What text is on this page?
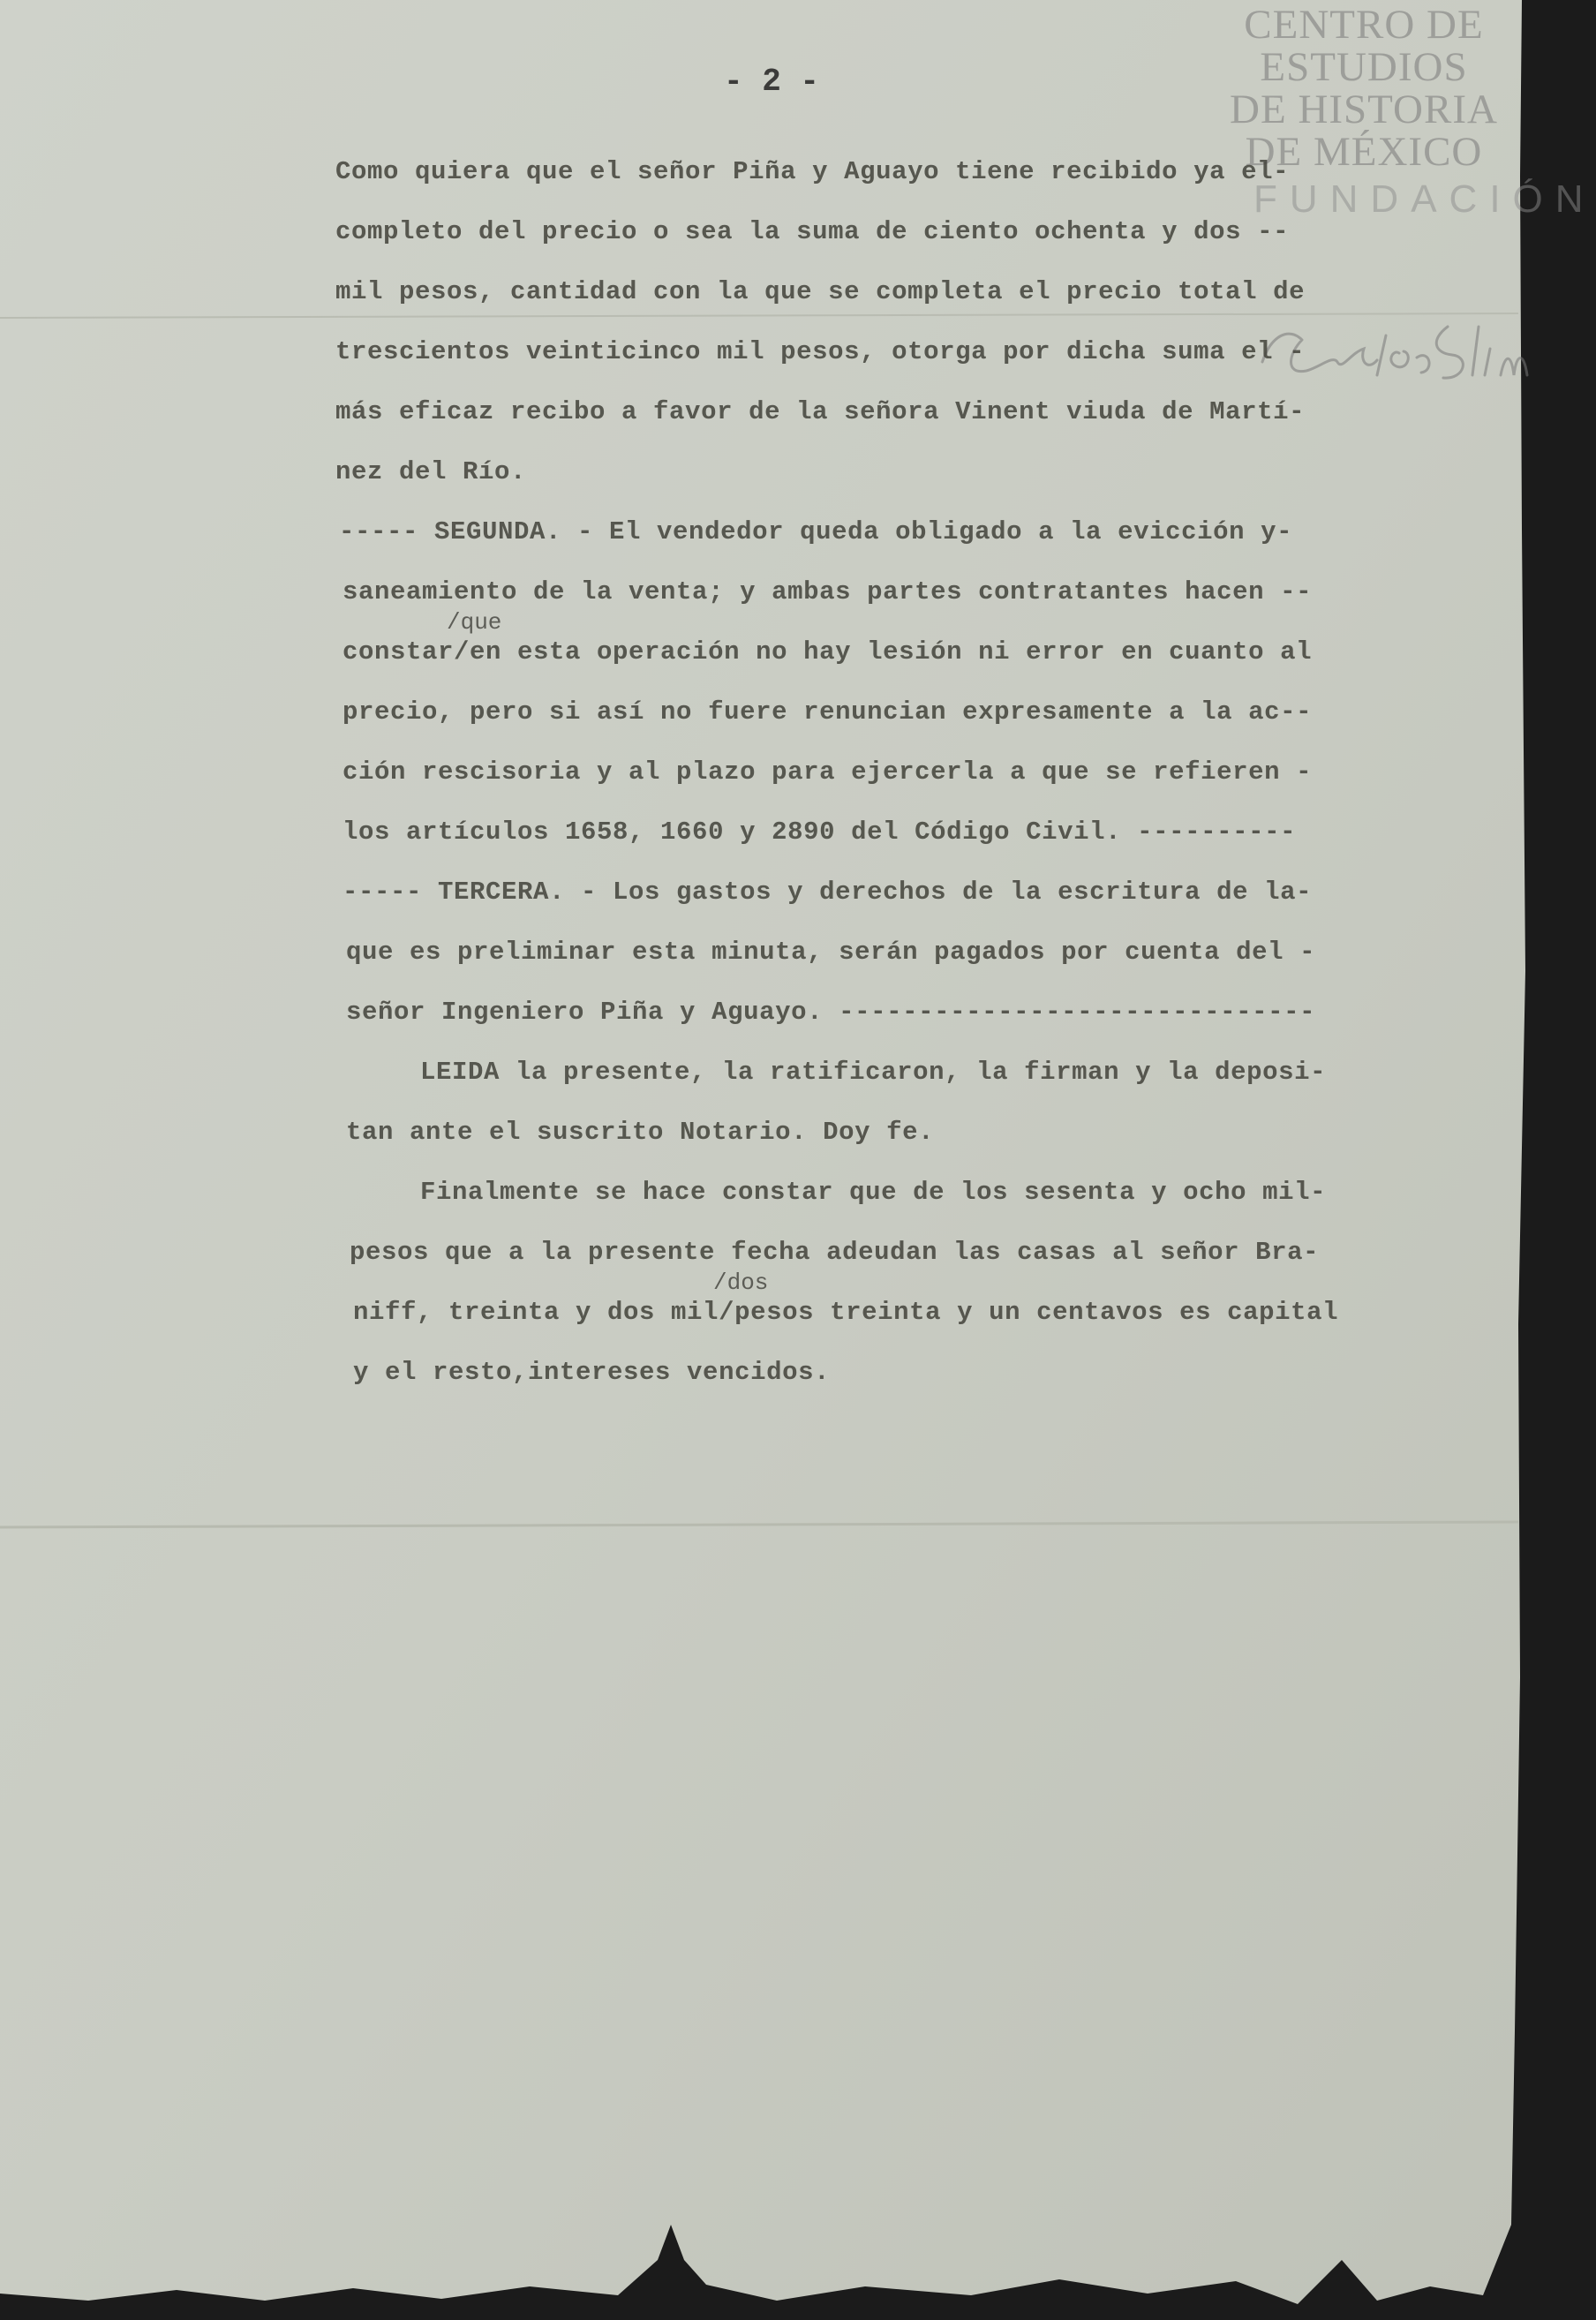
CENTRO DE
ESTUDIOS
DE HISTORIA
DE MÉXICO
FUNDACIÓN
- 2 -
Como quiera que el señor Piña y Aguayo tiene recibido ya el-
completo del precio o sea la suma de ciento ochenta y dos --
mil pesos, cantidad con la que se completa el precio total de
trescientos veinticinco mil pesos, otorga por dicha suma el -
más eficaz recibo a favor de la señora Vinent viuda de Martí-
nez del Río.
----- SEGUNDA. - El vendedor queda obligado a la evicción y-
saneamiento de la venta; y ambas partes contratantes hacen --
/que
constar/en esta operación no hay lesión ni error en cuanto al
precio, pero si así no fuere renuncian expresamente a la ac--
ción rescisoria y al plazo para ejercerla a que se refieren -
los artículos 1658, 1660 y 2890 del Código Civil. ----------
----- TERCERA. - Los gastos y derechos de la escritura de la-
que es preliminar esta minuta, serán pagados por cuenta del -
señor Ingeniero Piña y Aguayo. ------------------------------
LEIDA la presente, la ratificaron, la firman y la deposi-
tan ante el suscrito Notario. Doy fe.
Finalmente se hace constar que de los sesenta y ocho mil-
pesos que a la presente fecha adeudan las casas al señor Bra-
/dos
niff, treinta y dos mil/pesos treinta y un centavos es capital
y el resto,intereses vencidos.
